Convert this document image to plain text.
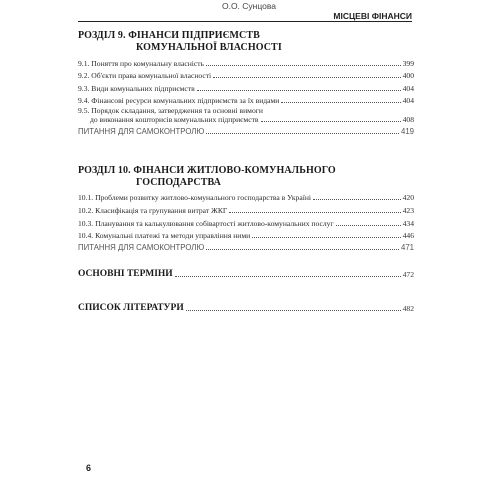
О.О. Сунцова
МІСЦЕВІ ФІНАНСИ
РОЗДІЛ 9. ФІНАНСИ ПІДПРИЄМСТВ
КОМУНАЛЬНОЇ ВЛАСНОСТІ
9.1. Поняття про комунальну власність	399
9.2. Об'єкти права комунальної власності	400
9.3. Види комунальних підприємств	404
9.4. Фінансові ресурси комунальних підприємств за їх видами	404
9.5. Порядок складання, затвердження та основні вимоги
до виконання кошторисів комунальних підприємств	408
ПИТАННЯ ДЛЯ САМОКОНТРОЛЮ	419
РОЗДІЛ 10. ФІНАНСИ ЖИТЛОВО-КОМУНАЛЬНОГО
ГОСПОДАРСТВА
10.1. Проблеми розвитку житлово-комунального господарства в Україні	420
10.2. Класифікація та групування витрат ЖКГ	423
10.3. Планування та калькулювання собівартості житлово-комунальних послуг	434
10.4. Комунальні платежі та методи управління ними	446
ПИТАННЯ ДЛЯ САМОКОНТРОЛЮ	471
ОСНОВНІ ТЕРМІНИ	472
СПИСОК ЛІТЕРАТУРИ	482
6
